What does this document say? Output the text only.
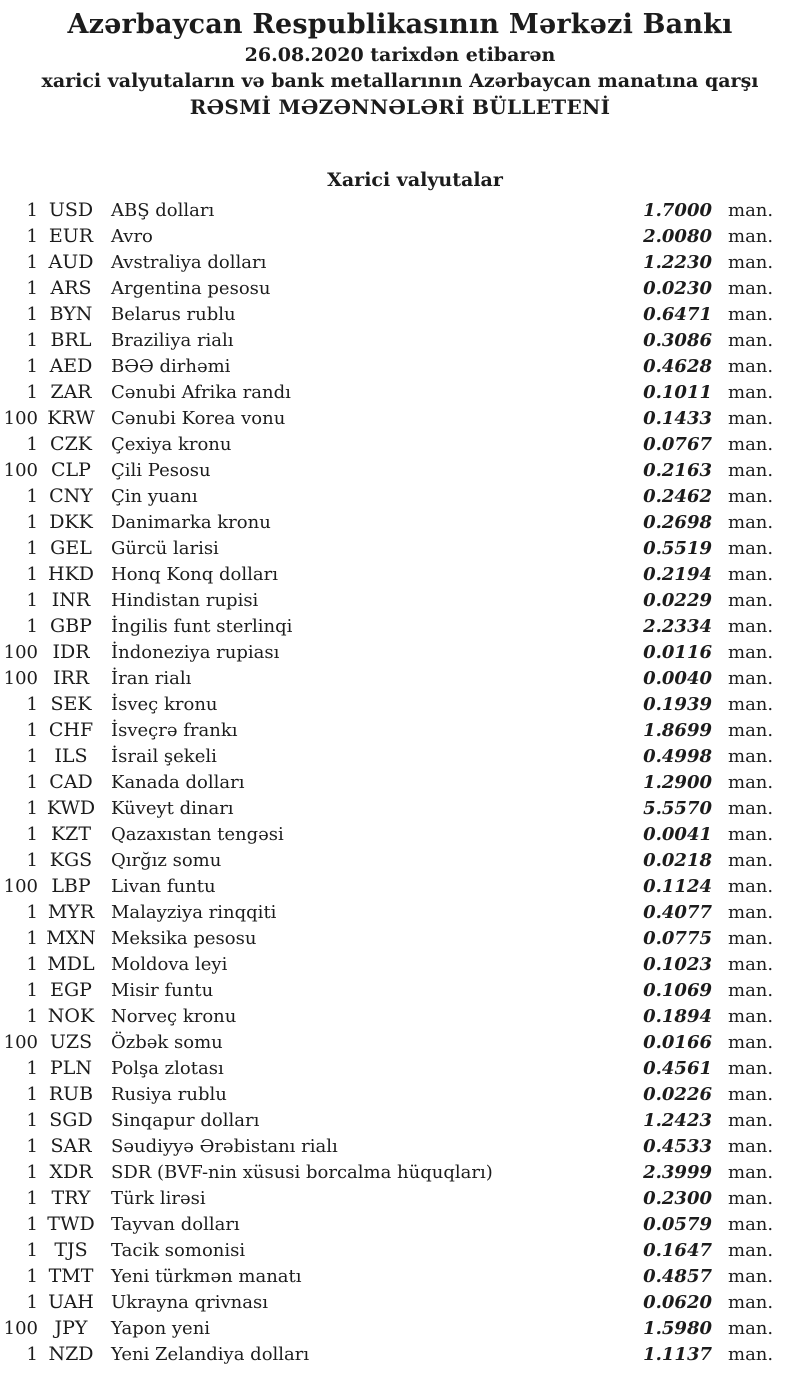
Azərbaycan Respublikasının Mərkəzi Bankı
26.08.2020 tarixdən etibarən
xarici valyutaların və bank metallarının Azərbaycan manatına qarşı
RƏSMİ MƏZƏNNƏLƏRİ BÜLLETENİ
Xarici valyutalar
1 USD ABŞ dolları	1.7000 man.
1 EUR Avro	2.0080 man.
1 AUD Avstraliya dolları	1.2230 man.
1 ARS	Argentina pesosu	0.0230 man.
1 BYN	Belarus rublu	0.6471 man.
1 BRL	Braziliya rialı	0.3086 man.
1 AED	BƏƏ dirhəmi	0.4628 man.
1 ZAR	Cənubi Afrika randı	0.1011 man.
100 KRW Cənubi Korea vonu	0.1433 man.
1 CZK	Çexiya kronu	0.0767 man.
100 CLP	Çili Pesosu	0.2163 man.
1 CNY	Çin yuanı	0.2462 man.
1 DKK	Danimarka kronu	0.2698 man.
1 GEL	Gürcü larisi	0.5519 man.
1 HKD Honq Konq dolları	0.2194 man.
1 INR	Hindistan rupisi	0.0229 man.
1 GBP	İngilis funt sterlinqi	2.2334 man.
100 IDR	İndoneziya rupiası	0.0116 man.
100 IRR	İran rialı	0.0040 man.
1 SEK	İsveç kronu	0.1939 man.
1 CHF İsveçrə frankı	1.8699 man.
1 ILS	İsrail şekeli	0.4998 man.
1 CAD	Kanada dolları	1.2900 man.
1 KWD Küveyt dinarı	5.5570 man.
1 KZT	Qazaxıstan tengəsi	0.0041 man.
1 KGS	Qırğız somu	0.0218 man.
100 LBP	Livan funtu	0.1124 man.
1 MYR Malayziya rinqqiti	0.4077 man.
1 MXN Meksika pesosu	0.0775 man.
1 MDL Moldova leyi	0.1023 man.
1 EGP	Misir funtu	0.1069 man.
1 NOK Norveç kronu	0.1894 man.
100 UZS	Özbək somu	0.0166 man.
1 PLN	Polşa zlotası	0.4561 man.
1 RUB Rusiya rublu	0.0226 man.
1 SGD	Sinqapur dolları	1.2423 man.
1 SAR	Səudiyyə Ərəbistanı rialı	0.4533 man.
1 XDR	SDR (BVF-nin xüsusi borcalma hüquqları)	2.3999 man.
1 TRY	Türk lirəsi	0.2300 man.
1 TWD Tayvan dolları	0.0579 man.
1 TJS	Tacik somonisi	0.1647 man.
1 TMT Yeni türkmən manatı	0.4857 man.
1 UAH Ukrayna qrivnası	0.0620 man.
100 JPY	Yapon yeni	1.5980 man.
1 NZD Yeni Zelandiya dolları	1.1137 man.
